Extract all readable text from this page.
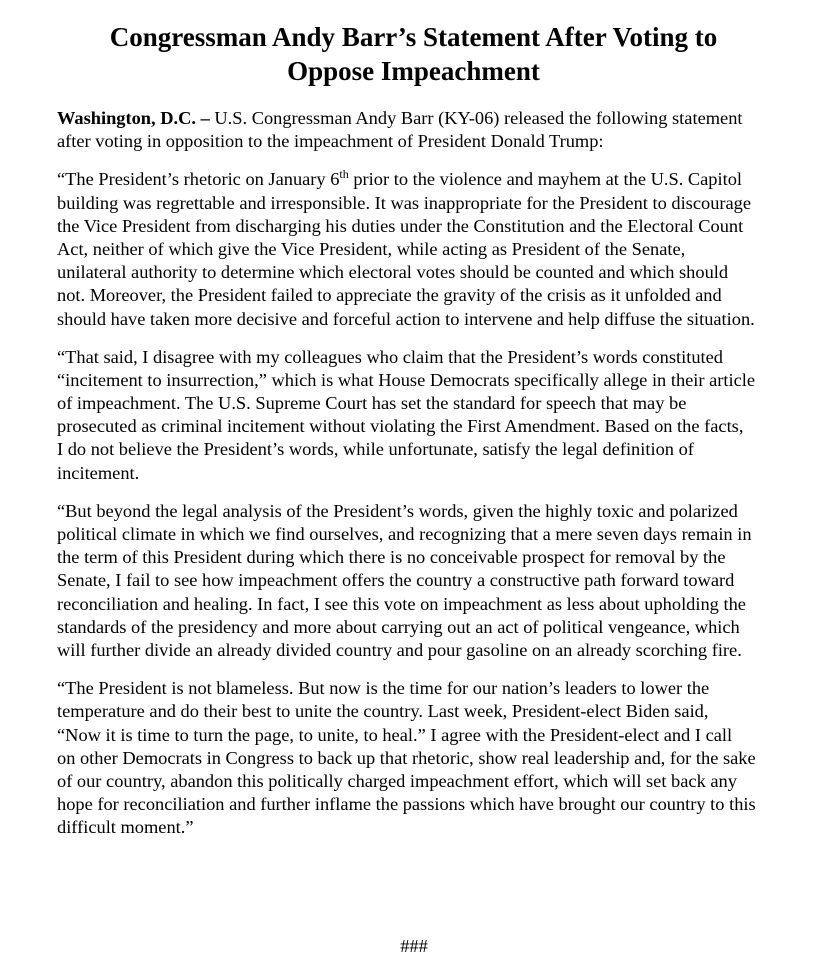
Congressman Andy Barr’s Statement After Voting to
Oppose Impeachment
Washington, D.C. – U.S. Congressman Andy Barr (KY-06) released the following statement
after voting in opposition to the impeachment of President Donald Trump:
“The President’s rhetoric on January 6th prior to the violence and mayhem at the U.S. Capitol
building was regrettable and irresponsible. It was inappropriate for the President to discourage
the Vice President from discharging his duties under the Constitution and the Electoral Count
Act, neither of which give the Vice President, while acting as President of the Senate,
unilateral authority to determine which electoral votes should be counted and which should
not. Moreover, the President failed to appreciate the gravity of the crisis as it unfolded and
should have taken more decisive and forceful action to intervene and help diffuse the situation.
“That said, I disagree with my colleagues who claim that the President’s words constituted
“incitement to insurrection,” which is what House Democrats specifically allege in their article
of impeachment. The U.S. Supreme Court has set the standard for speech that may be
prosecuted as criminal incitement without violating the First Amendment. Based on the facts,
I do not believe the President’s words, while unfortunate, satisfy the legal definition of
incitement.
“But beyond the legal analysis of the President’s words, given the highly toxic and polarized
political climate in which we find ourselves, and recognizing that a mere seven days remain in
the term of this President during which there is no conceivable prospect for removal by the
Senate, I fail to see how impeachment offers the country a constructive path forward toward
reconciliation and healing. In fact, I see this vote on impeachment as less about upholding the
standards of the presidency and more about carrying out an act of political vengeance, which
will further divide an already divided country and pour gasoline on an already scorching fire.
“The President is not blameless. But now is the time for our nation’s leaders to lower the
temperature and do their best to unite the country. Last week, President-elect Biden said,
“Now it is time to turn the page, to unite, to heal.” I agree with the President-elect and I call
on other Democrats in Congress to back up that rhetoric, show real leadership and, for the sake
of our country, abandon this politically charged impeachment effort, which will set back any
hope for reconciliation and further inflame the passions which have brought our country to this
difficult moment.”
###
